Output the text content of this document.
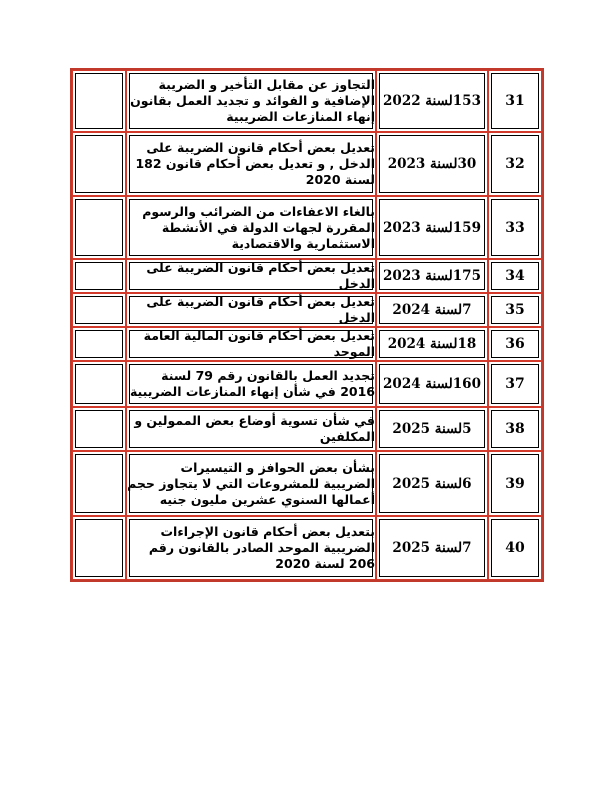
	التجاوز عن مقابل التأخير و الضريبة الإضافية و الفوائد و تجديد العمل بقانون إنهاء المنازعات الضريبية	153لسنة 2022	31

	تعديل بعض أحكام قانون الضريبة على الدخل , و تعديل بعض أحكام قانون 182 لسنة 2020	30لسنة 2023	32

	بالغاء الاعفاءات من الضرائب والرسوم المقررة لجهات الدولة في الأنشطة الاستثمارية والاقتصادية	159لسنة 2023	33

	تعديل بعض أحكام قانون الضريبة على الدخل	175لسنة 2023	34

	تعديل بعض أحكام قانون الضريبة على الدخل	7لسنة 2024	35

	تعديل بعض أحكام قانون المالية العامة الموحد	18لسنة 2024	36

	تجديد العمل بالقانون رقم 79 لسنة 2016 في شأن إنهاء المنازعات الضريبية	160لسنة 2024	37

	في شأن تسوية أوضاع بعض الممولين و المكلفين	5لسنة 2025	38

	بشأن بعض الحوافز و التيسيرات الضريبية للمشروعات التي لا يتجاوز حجم أعمالها السنوي عشرين مليون جنيه	6لسنة 2025	39

	بتعديل بعض أحكام قانون الإجراءات الضريبية الموحد الصادر بالقانون رقم 206 لسنة 2020	7لسنة 2025	40
